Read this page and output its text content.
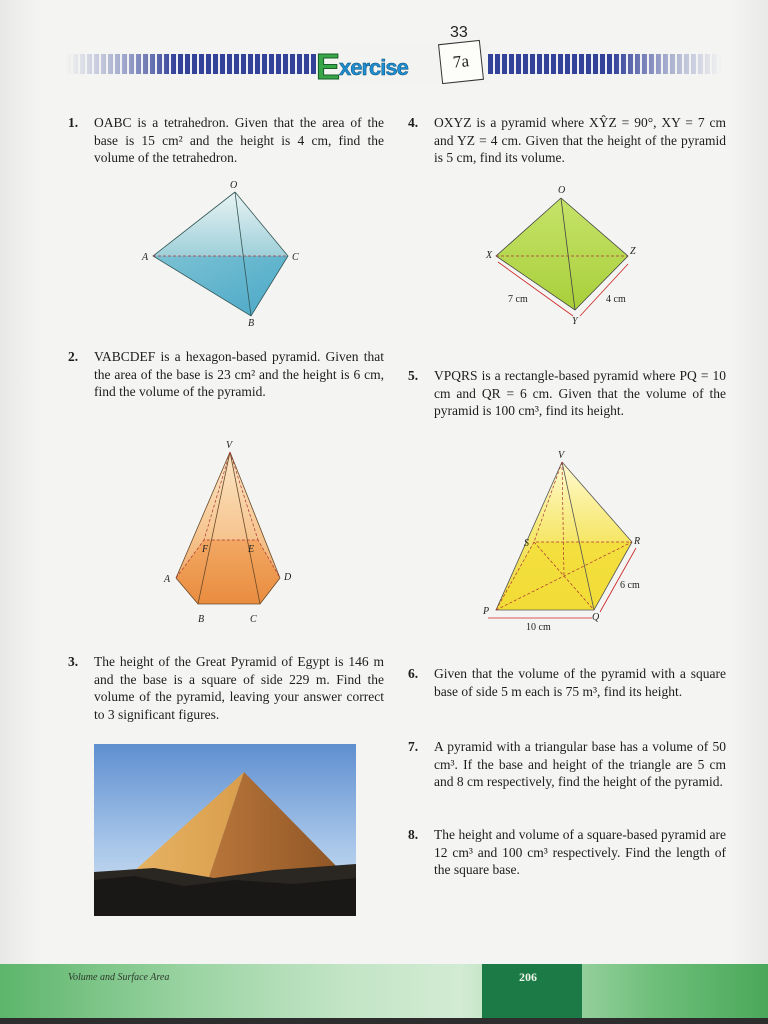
Exercise	7a
33
1. OABC is a tetrahedron. Given that the area of the base is 15 cm² and the height is 4 cm, find the volume of the tetrahedron.
O
A	C
B
2. VABCDEF is a hexagon-based pyramid. Given that the area of the base is 23 cm² and the height is 6 cm, find the volume of the pyramid.
V
F	E
A	D
B	C
3. The height of the Great Pyramid of Egypt is 146 m and the base is a square of side 229 m. Find the volume of the pyramid, leaving your answer correct to 3 significant figures.
4. OXYZ is a pyramid where XŶZ = 90°, XY = 7 cm and YZ = 4 cm. Given that the height of the pyramid is 5 cm, find its volume.
O
X	Z
Y
7 cm	4 cm
5. VPQRS is a rectangle-based pyramid where PQ = 10 cm and QR = 6 cm. Given that the volume of the pyramid is 100 cm³, find its height.
V
S	R
P
Q
6 cm
10 cm
6. Given that the volume of the pyramid with a square base of side 5 m each is 75 m³, find its height.
7. A pyramid with a triangular base has a volume of 50 cm³. If the base and height of the triangle are 5 cm and 8 cm respectively, find the height of the pyramid.
8. The height and volume of a square-based pyramid are 12 cm³ and 100 cm³ respectively. Find the length of the square base.
Volume and Surface Area	206
